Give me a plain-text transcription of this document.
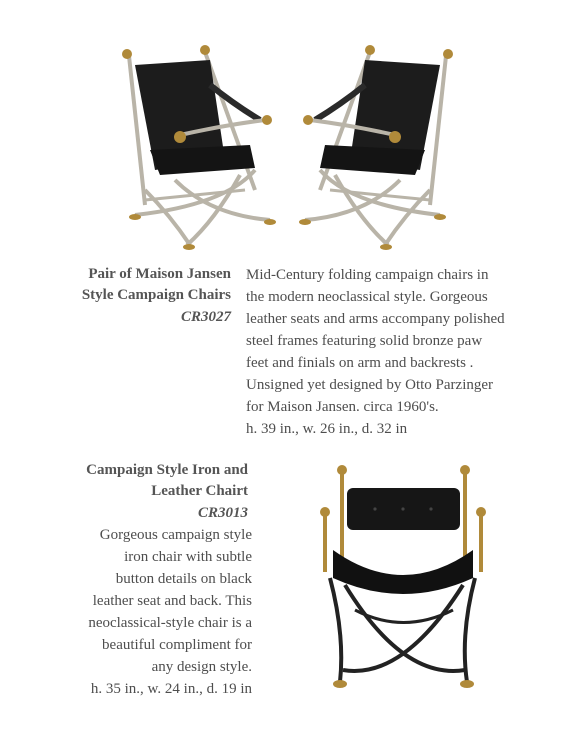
Pair of Maison Jansen
Style Campaign Chairs
CR3027
Mid-Century folding campaign chairs in
the modern neoclassical style. Gorgeous
leather seats and arms accompany polished
steel frames featuring solid bronze paw
feet and finials on arm and backrests .
Unsigned yet designed by Otto Parzinger
for Maison Jansen. circa 1960's.
h. 39 in., w. 26 in., d. 32 in
Campaign Style Iron and
Leather Chairt
CR3013
Gorgeous campaign style
iron chair with subtle
button details on black
leather seat and back. This
neoclassical-style chair is a
beautiful compliment for
any design style.
h. 35 in., w. 24 in., d. 19 in
